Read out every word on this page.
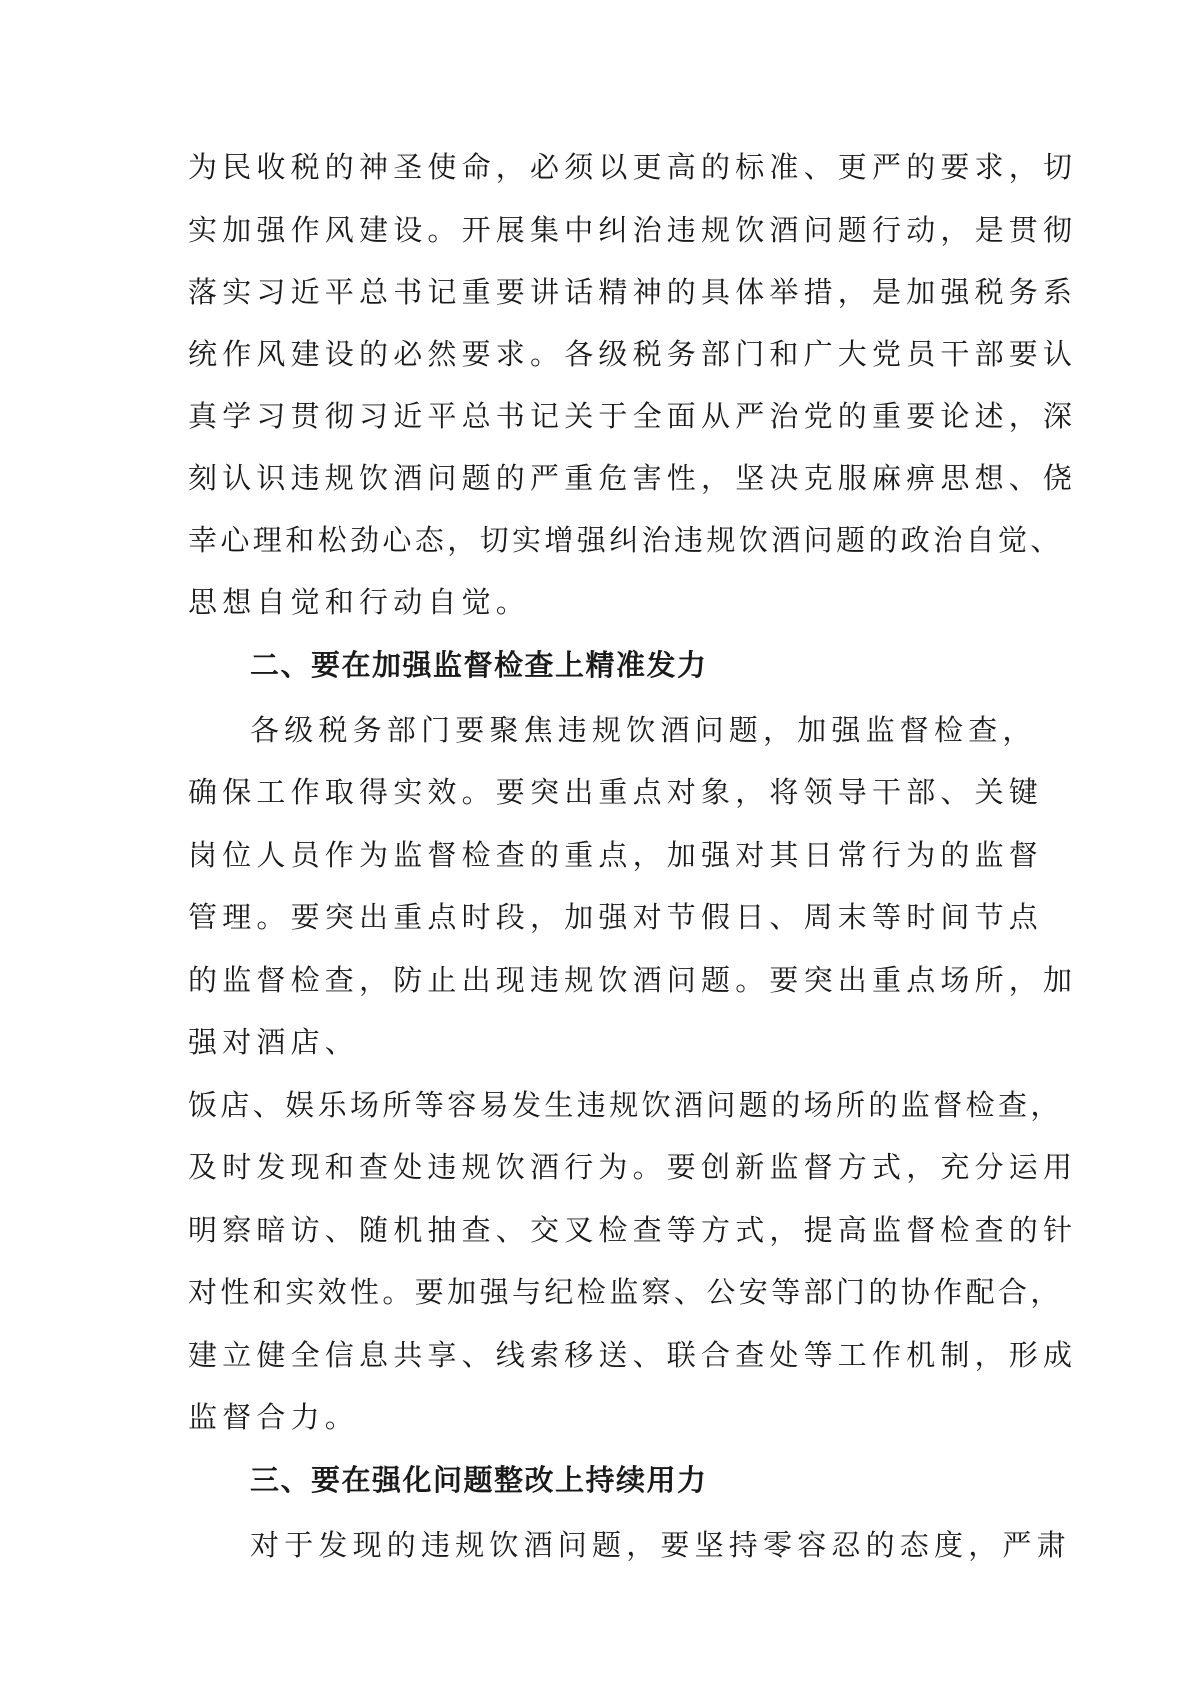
为民收税的神圣使命，必须以更高的标准、更严的要求，切
实加强作风建设。开展集中纠治违规饮酒问题行动，是贯彻
落实习近平总书记重要讲话精神的具体举措，是加强税务系
统作风建设的必然要求。各级税务部门和广大党员干部要认
真学习贯彻习近平总书记关于全面从严治党的重要论述，深
刻认识违规饮酒问题的严重危害性，坚决克服麻痹思想、侥
幸心理和松劲心态，切实增强纠治违规饮酒问题的政治自觉、
思想自觉和行动自觉。
二、要在加强监督检查上精准发力
各级税务部门要聚焦违规饮酒问题，加强监督检查，
确保工作取得实效。要突出重点对象，将领导干部、关键
岗位人员作为监督检查的重点，加强对其日常行为的监督
管理。要突出重点时段，加强对节假日、周末等时间节点
的监督检查，防止出现违规饮酒问题。要突出重点场所，加
强对酒店、
饭店、娱乐场所等容易发生违规饮酒问题的场所的监督检查，
及时发现和查处违规饮酒行为。要创新监督方式，充分运用
明察暗访、随机抽查、交叉检查等方式，提高监督检查的针
对性和实效性。要加强与纪检监察、公安等部门的协作配合，
建立健全信息共享、线索移送、联合查处等工作机制，形成
监督合力。
三、要在强化问题整改上持续用力
对于发现的违规饮酒问题，要坚持零容忍的态度，严肃
